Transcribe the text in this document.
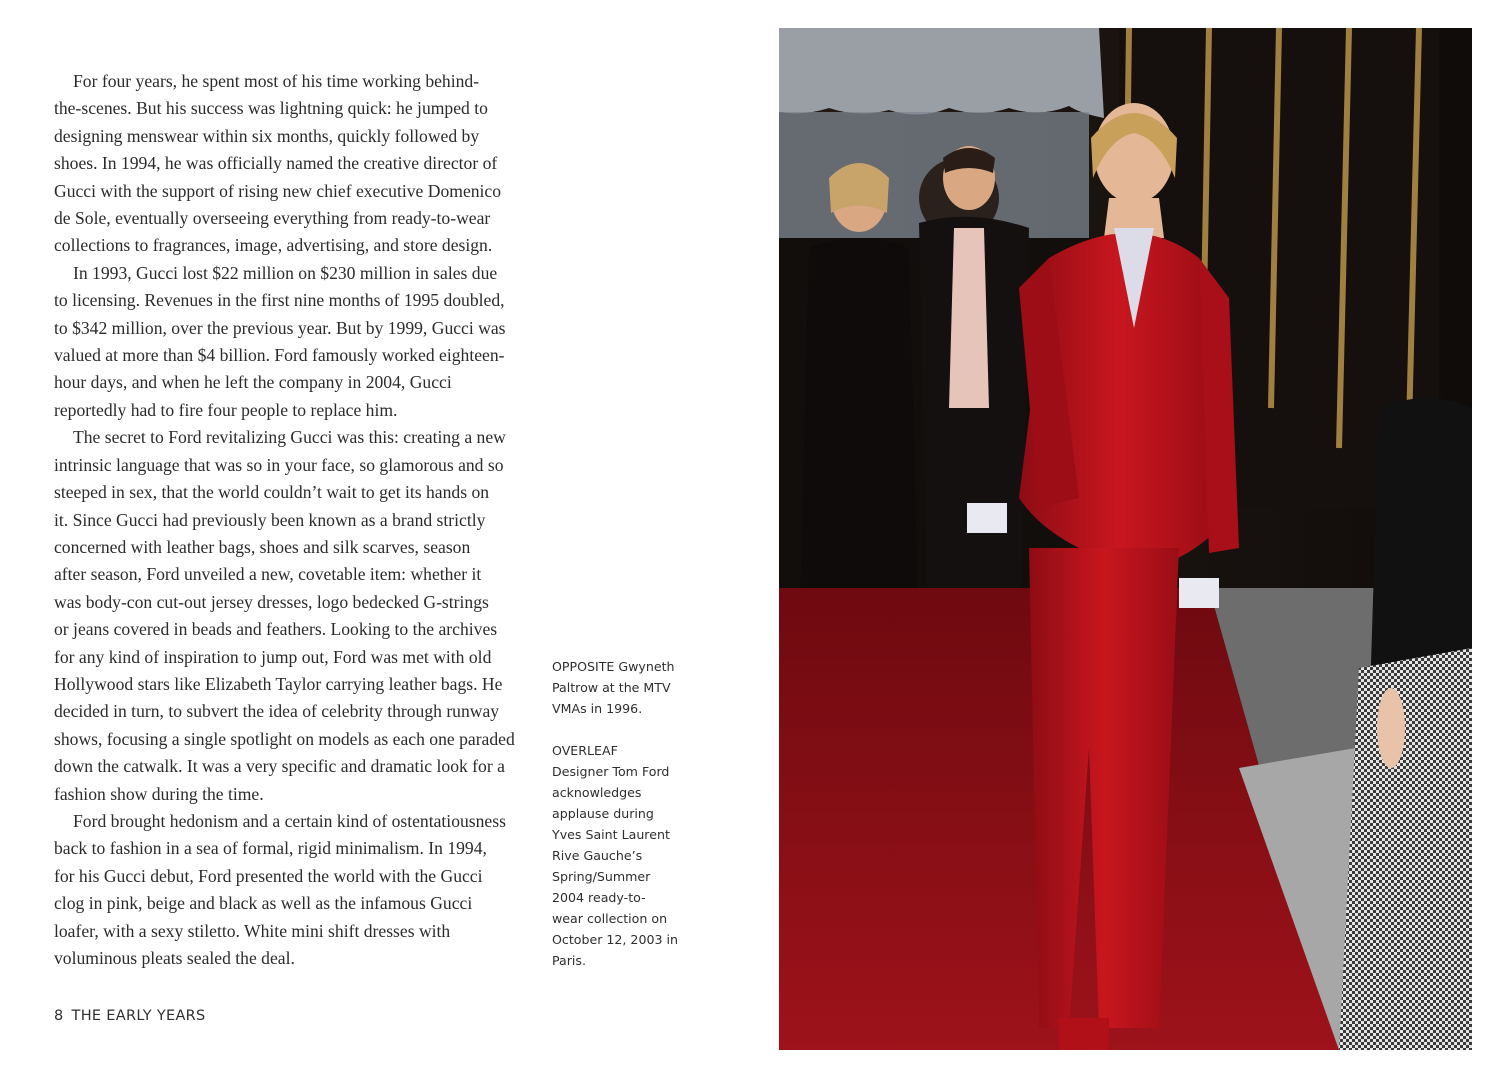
For four years, he spent most of his time working behind-
the-scenes. But his success was lightning quick: he jumped to
designing menswear within six months, quickly followed by
shoes. In 1994, he was officially named the creative director of
Gucci with the support of rising new chief executive Domenico
de Sole, eventually overseeing everything from ready-to-wear
collections to fragrances, image, advertising, and store design.

In 1993, Gucci lost $22 million on $230 million in sales due
to licensing. Revenues in the first nine months of 1995 doubled,
to $342 million, over the previous year. But by 1999, Gucci was
valued at more than $4 billion. Ford famously worked eighteen-
hour days, and when he left the company in 2004, Gucci
reportedly had to fire four people to replace him.

The secret to Ford revitalizing Gucci was this: creating a new
intrinsic language that was so in your face, so glamorous and so
steeped in sex, that the world couldn’t wait to get its hands on
it. Since Gucci had previously been known as a brand strictly
concerned with leather bags, shoes and silk scarves, season
after season, Ford unveiled a new, covetable item: whether it
was body-con cut-out jersey dresses, logo bedecked G-strings
or jeans covered in beads and feathers. Looking to the archives
for any kind of inspiration to jump out, Ford was met with old
Hollywood stars like Elizabeth Taylor carrying leather bags. He
decided in turn, to subvert the idea of celebrity through runway
shows, focusing a single spotlight on models as each one paraded
down the catwalk. It was a very specific and dramatic look for a
fashion show during the time.

Ford brought hedonism and a certain kind of ostentatiousness
back to fashion in a sea of formal, rigid minimalism. In 1994,
for his Gucci debut, Ford presented the world with the Gucci
clog in pink, beige and black as well as the infamous Gucci
loafer, with a sexy stiletto. White mini shift dresses with
voluminous pleats sealed the deal.

OPPOSITE Gwyneth
Paltrow at the MTV
VMAs in 1996.
OVERLEAF
Designer Tom Ford
acknowledges
applause during
Yves Saint Laurent
Rive Gauche’s
Spring/Summer
2004 ready-to-
wear collection on
October 12, 2003 in
Paris.
8 THE EARLY YEARS
